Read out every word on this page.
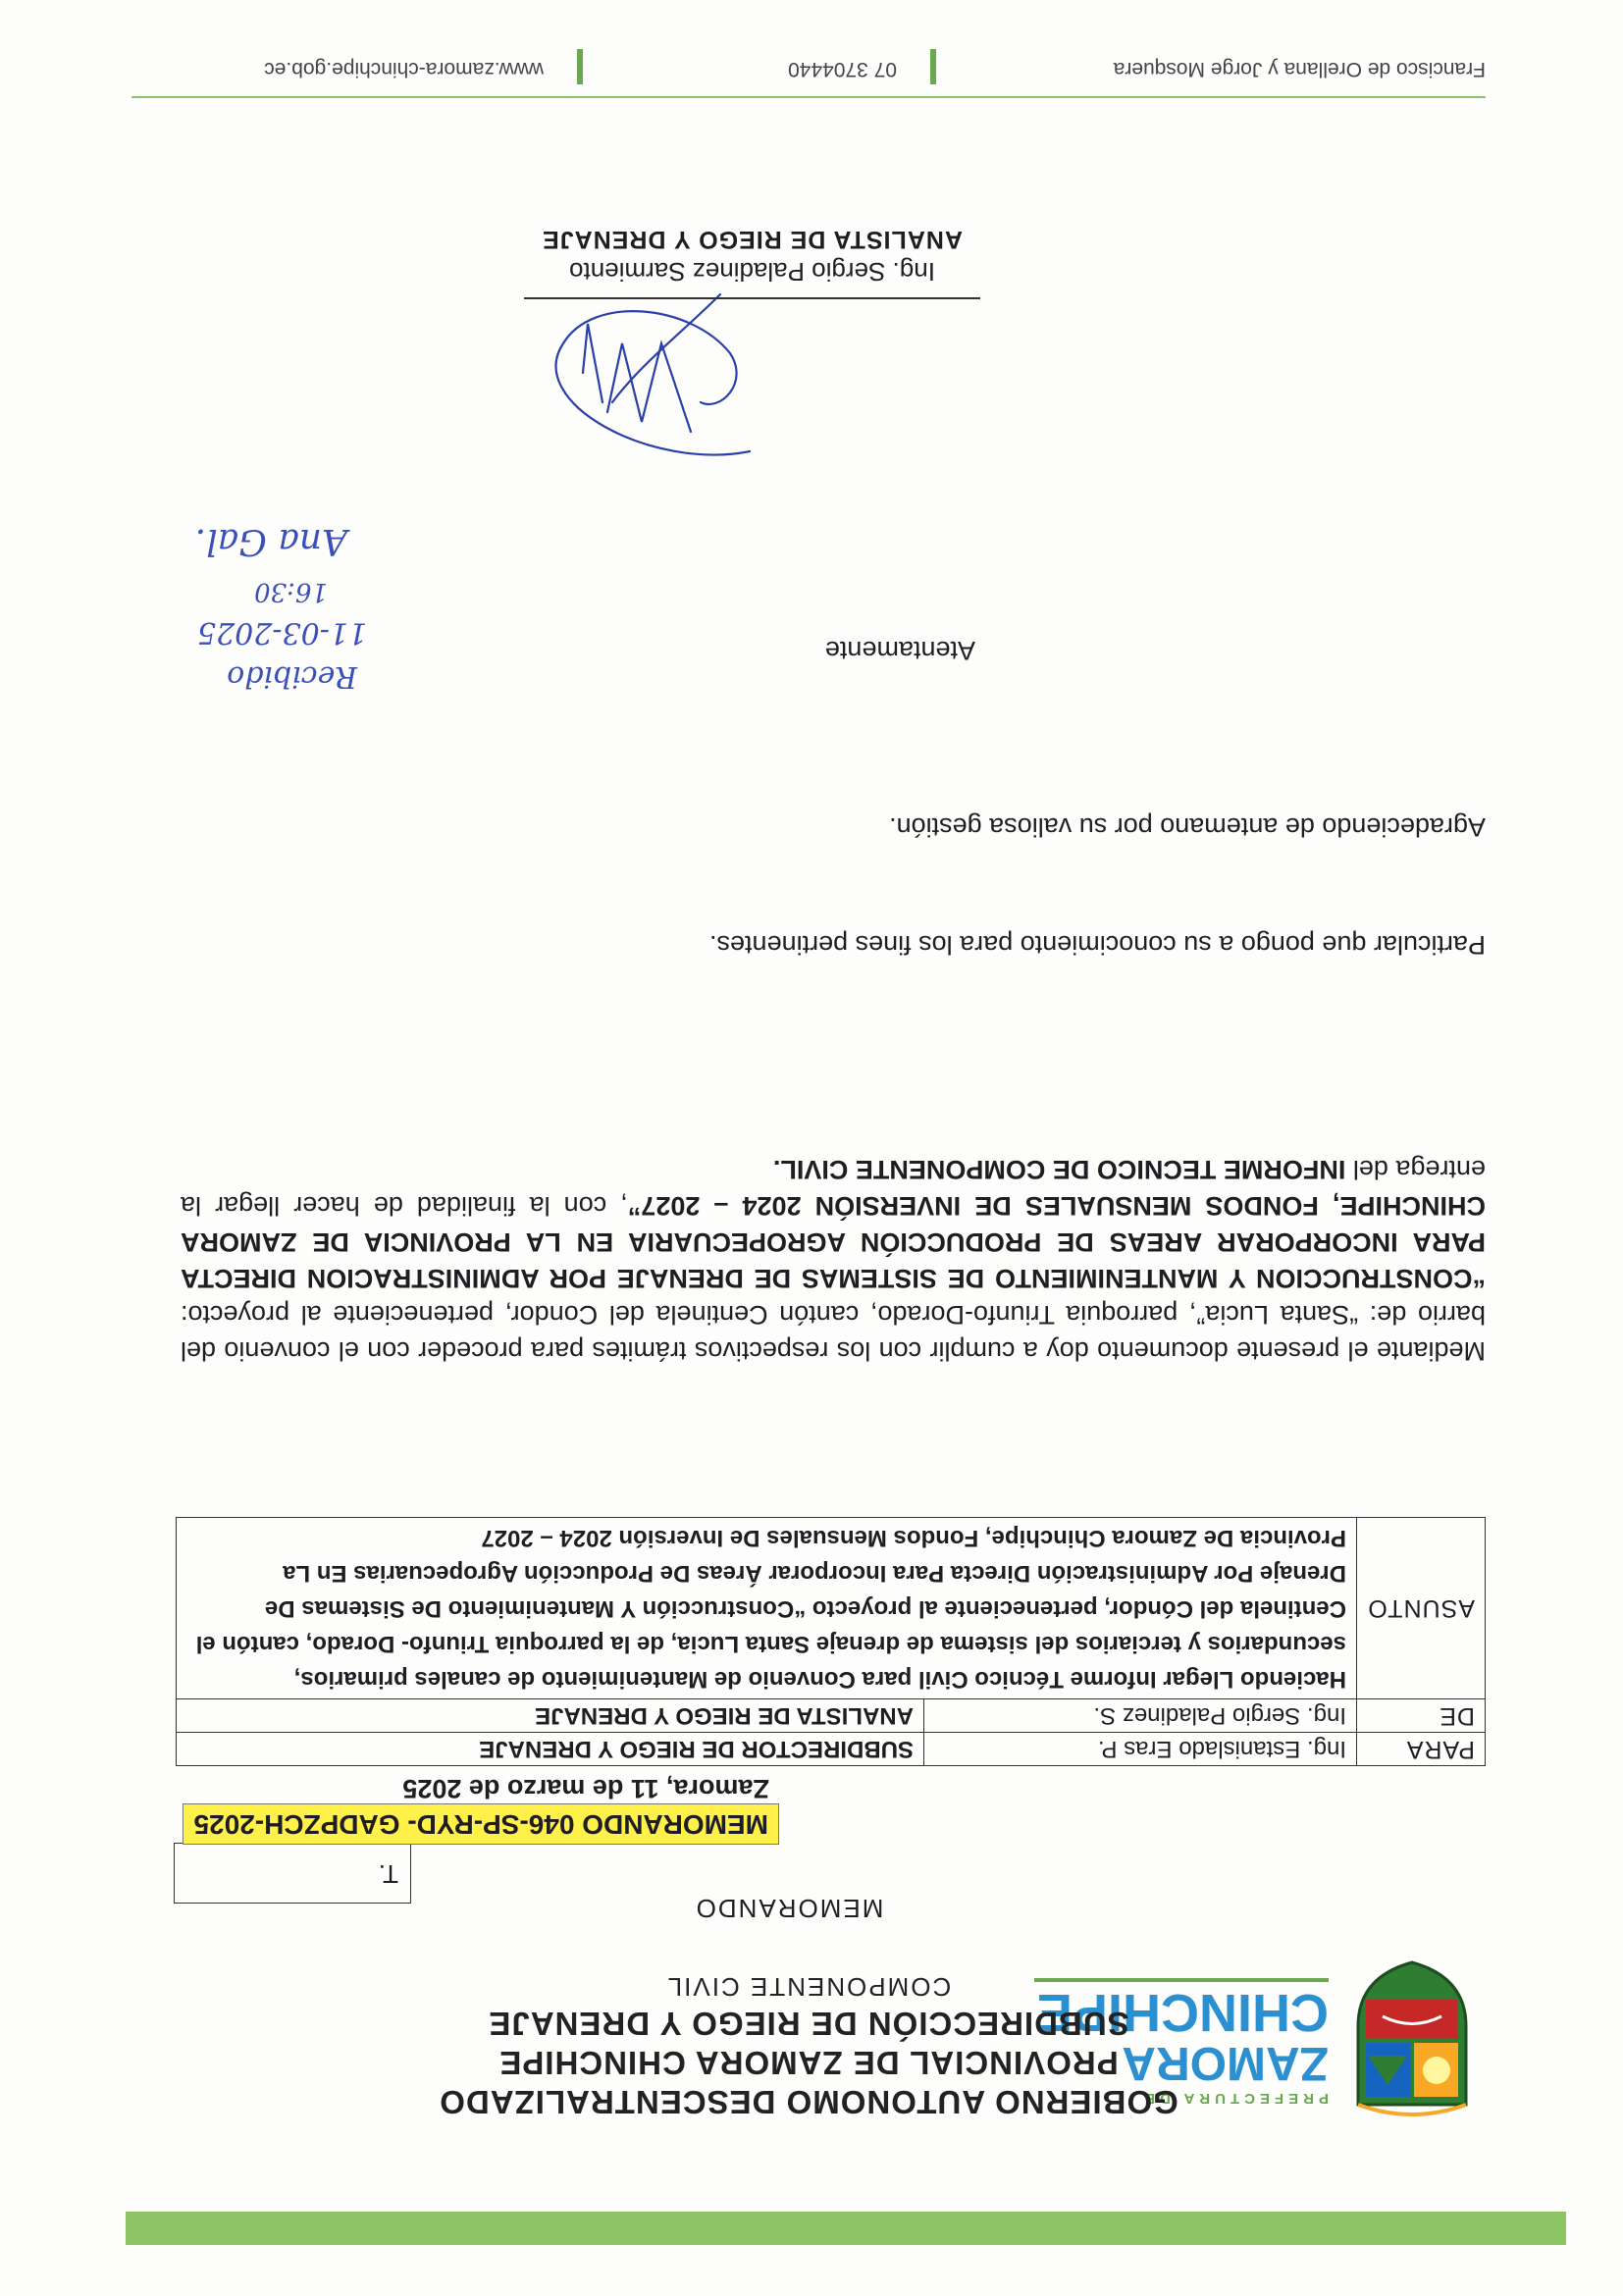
PREFECTURA DE
ZAMORA
CHINCHIPE
GOBIERNO AUTONOMO DESCENTRALIZADO
PROVINCIAL DE ZAMORA CHINCHIPE
SUBDIRECCIÓN DE RIEGO Y DRENAJE
COMPONENTE CIVIL
MEMORANDO
T.
MEMORANDO 046-SP-RYD- GADPZCH-2025
Zamora, 11 de marzo de 2025
PARA	Ing. Estanislado Eras P.	SUBDIRECTOR DE RIEGO Y DRENAJE
DE	Ing. Sergio Paladinez S.	ANALISTA DE RIEGO Y DRENAJE
ASUNTO	Haciendo Llegar Informe Técnico Civil para Convenio de Mantenimiento de canales primarios, secundarios y terciarios del sistema de drenaje Santa Lucia, de la parroquia Triunfo- Dorado, cantón el Centinela del Cóndor, perteneciente al proyecto “Construcción Y Mantenimiento De Sistemas De Drenaje Por Administración Directa Para Incorporar Áreas De Producción Agropecuarias En La Provincia De Zamora Chinchipe, Fondos Mensuales De Inversión 2024 – 2027	
Mediante el presente documento doy a cumplir con los respectivos trámites para proceder con el convenio del barrio de: “Santa Lucia”, parroquia Triunfo-Dorado, cantón Centinela del Condor, perteneciente al proyecto: “CONSTRUCCION Y MANTENIMIENTO DE SISTEMAS DE DRENAJE POR ADMINISTRACION DIRECTA PARA INCORPORAR AREAS DE PRODUCCIÓN AGROPECUARIA EN LA PROVINCIA DE ZAMORA CHINCHIPE, FONDOS MENSUALES DE INVERSIÓN 2024 – 2027”, con la finalidad de hacer llegar la entrega del INFORME TECNICO DE COMPONENTE CIVIL.
Particular que pongo a su conocimiento para los fines pertinentes.
Agradeciendo de antemano por su valiosa gestión.
Atentamente
Recibido
11-03-2025
16:30
Ana Gal.
Ing. Sergio Paladinez Sarmiento
ANALISTA DE RIEGO Y DRENAJE
Francisco de Orellana y Jorge Mosquera
07 3704440
www.zamora-chinchipe.gob.ec
